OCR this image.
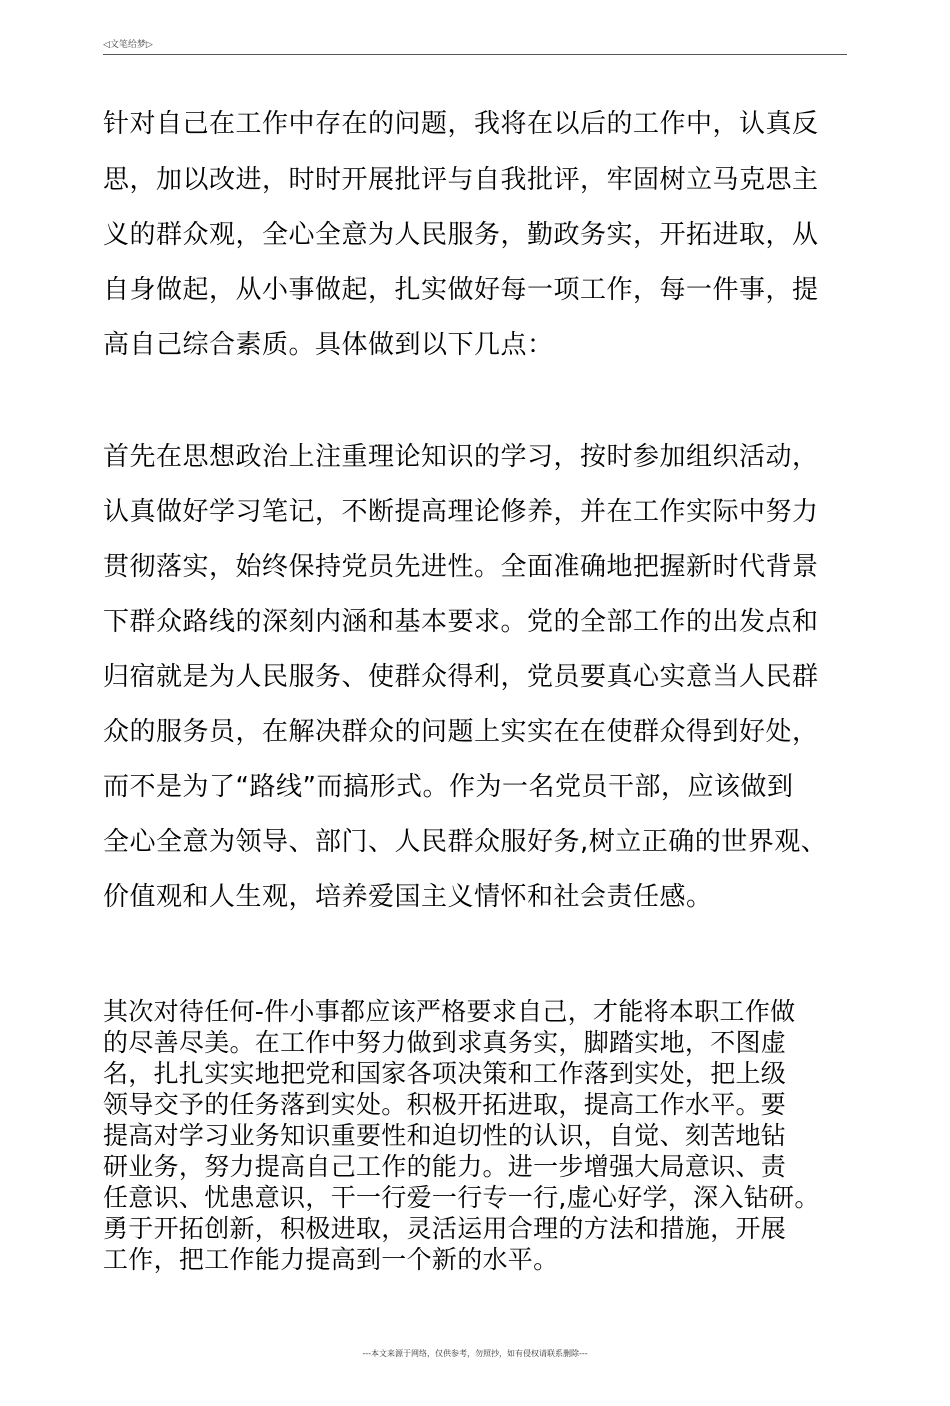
◁文笔给梦▷

针对自己在工作中存在的问题，我将在以后的工作中，认真反

思，加以改进，时时开展批评与自我批评，牢固树立马克思主

义的群众观，全心全意为人民服务，勤政务实，开拓进取，从

自身做起，从小事做起，扎实做好每一项工作，每一件事，提

高自己综合素质。具体做到以下几点：

首先在思想政治上注重理论知识的学习，按时参加组织活动，

认真做好学习笔记，不断提高理论修养，并在工作实际中努力

贯彻落实，始终保持党员先进性。全面准确地把握新时代背景

下群众路线的深刻内涵和基本要求。党的全部工作的出发点和

归宿就是为人民服务、使群众得利，党员要真心实意当人民群

众的服务员，在解决群众的问题上实实在在使群众得到好处，

而不是为了“路线”而搞形式。作为一名党员干部，应该做到

全心全意为领导、部门、人民群众服好务,树立正确的世界观、

价值观和人生观，培养爱国主义情怀和社会责任感。

其次对待任何-件小事都应该严格要求自己，才能将本职工作做

的尽善尽美。在工作中努力做到求真务实，脚踏实地，不图虚

名，扎扎实实地把党和国家各项决策和工作落到实处，把上级

领导交予的任务落到实处。积极开拓进取，提高工作水平。要

提高对学习业务知识重要性和迫切性的认识，自觉、刻苦地钻

研业务，努力提高自己工作的能力。进一步增强大局意识、责

任意识、忧患意识，干一行爱一行专一行,虚心好学，深入钻研。

勇于开拓创新，积极进取，灵活运用合理的方法和措施，开展

工作，把工作能力提高到一个新的水平。

---本文来源于网络，仅供参考，勿照抄，如有侵权请联系删除---
